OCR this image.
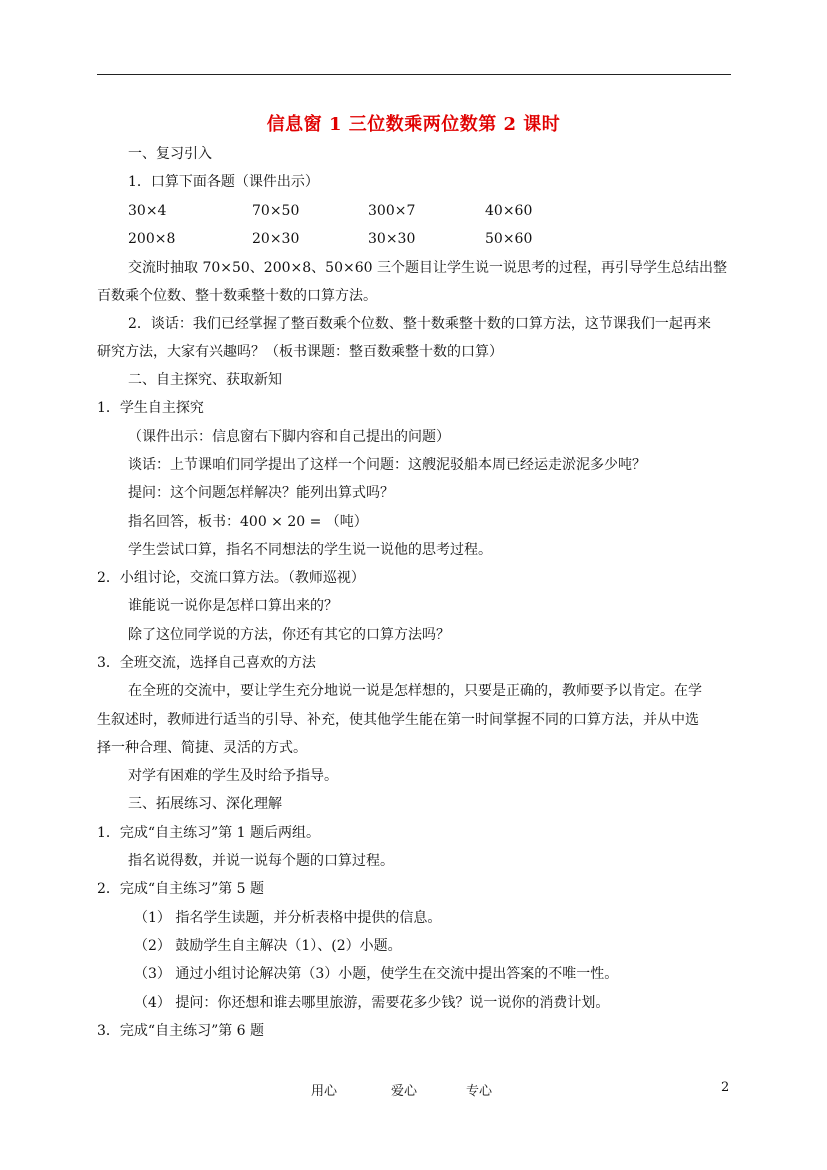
信息窗 1 三位数乘两位数第 2 课时
一、复习引入
1．口算下面各题（课件出示）
30×4	70×50	300×7	40×60
200×8	20×30	30×30	50×60
交流时抽取 70×50、200×8、50×60 三个题目让学生说一说思考的过程，再引导学生总结出整
百数乘个位数、整十数乘整十数的口算方法。
2．谈话：我们已经掌握了整百数乘个位数、整十数乘整十数的口算方法，这节课我们一起再来
研究方法，大家有兴趣吗？（板书课题：整百数乘整十数的口算）
二、自主探究、获取新知
1．学生自主探究
（课件出示：信息窗右下脚内容和自己提出的问题）
谈话：上节课咱们同学提出了这样一个问题：这艘泥驳船本周已经运走淤泥多少吨？
提问：这个问题怎样解决？能列出算式吗？
指名回答，板书：400 × 20 = （吨）
学生尝试口算，指名不同想法的学生说一说他的思考过程。
2．小组讨论，交流口算方法。（教师巡视）
谁能说一说你是怎样口算出来的？
除了这位同学说的方法，你还有其它的口算方法吗？
3．全班交流，选择自己喜欢的方法
在全班的交流中，要让学生充分地说一说是怎样想的，只要是正确的，教师要予以肯定。在学
生叙述时，教师进行适当的引导、补充，使其他学生能在第一时间掌握不同的口算方法，并从中选
择一种合理、简捷、灵活的方式。
对学有困难的学生及时给予指导。
三、拓展练习、深化理解
1．完成“自主练习”第 1 题后两组。
指名说得数，并说一说每个题的口算过程。
2．完成“自主练习”第 5 题
（1） 指名学生读题，并分析表格中提供的信息。
（2） 鼓励学生自主解决（1）、(2）小题。
（3） 通过小组讨论解决第（3）小题，使学生在交流中提出答案的不唯一性。
（4） 提问：你还想和谁去哪里旅游，需要花多少钱？说一说你的消费计划。
3．完成“自主练习”第 6 题
用心	爱心	专心	2
